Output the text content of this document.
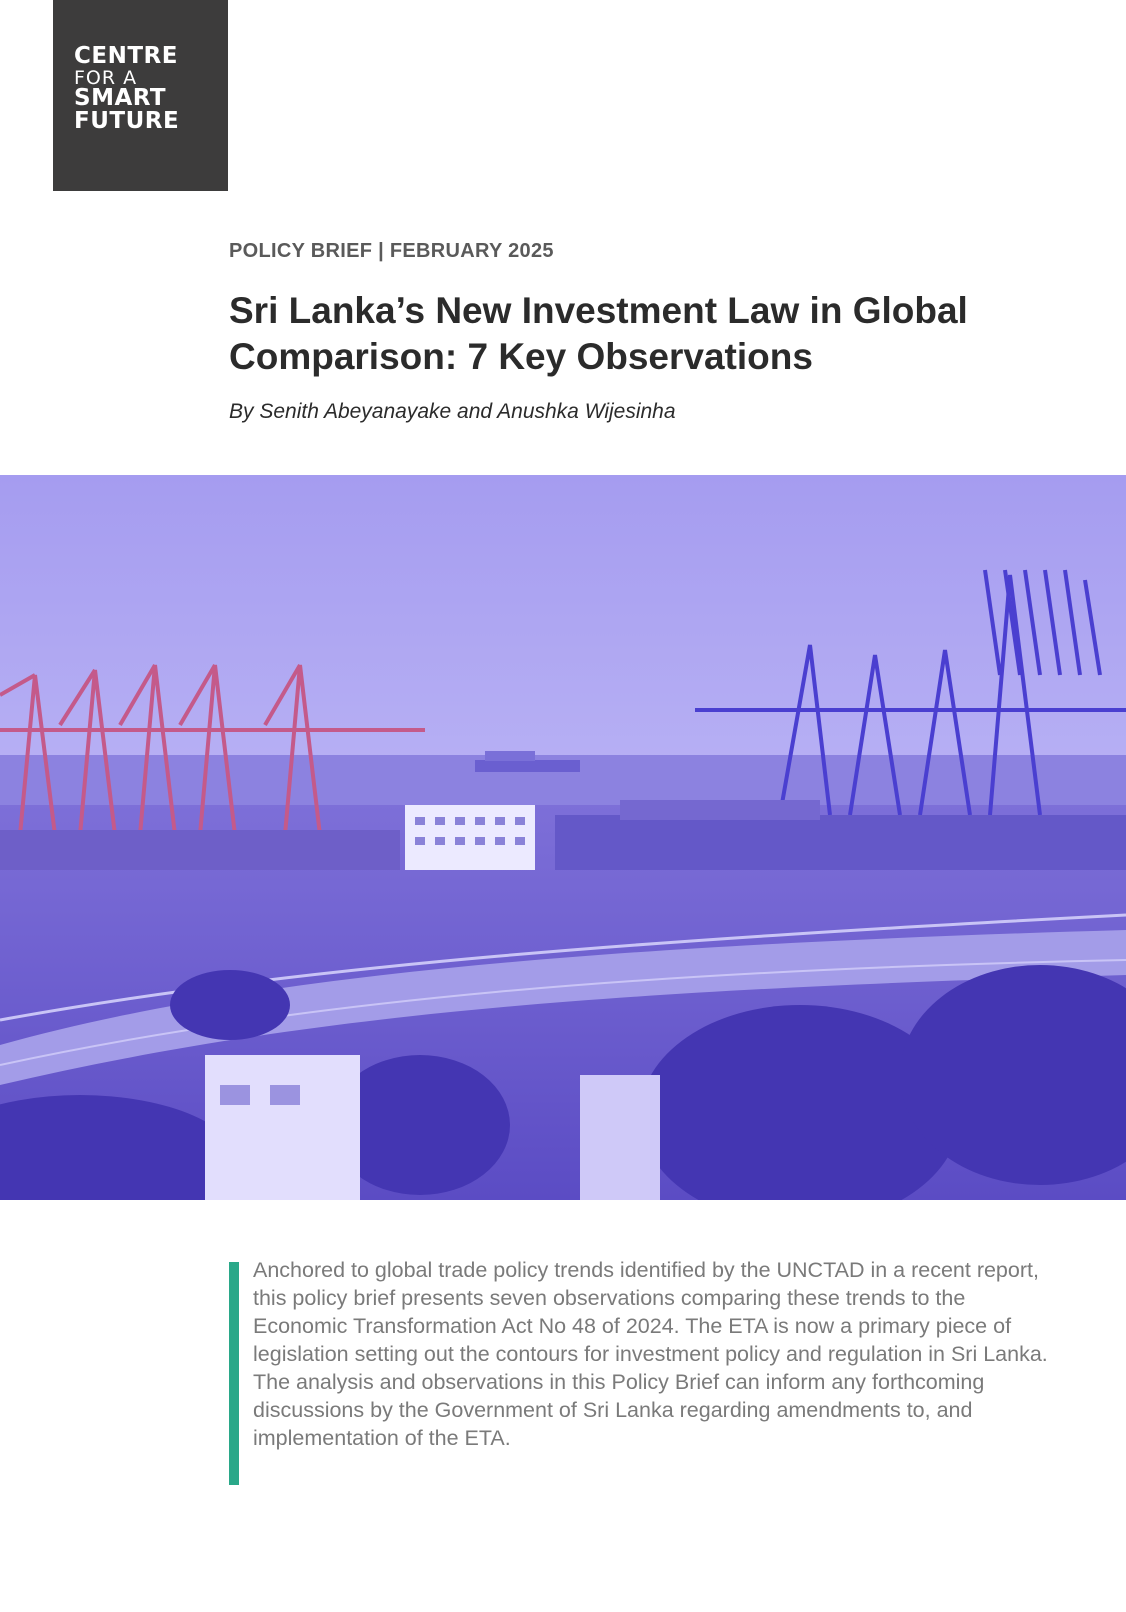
CENTRE
FOR A
SMART
FUTURE
POLICY BRIEF | FEBRUARY 2025
Sri Lanka’s New Investment Law in Global Comparison: 7 Key Observations
By Senith Abeyanayake and Anushka Wijesinha

Anchored to global trade policy trends identified by the UNCTAD in a recent report, this policy brief presents seven observations comparing these trends to the Economic Transformation Act No 48 of 2024. The ETA is now a primary piece of legislation setting out the contours for investment policy and regulation in Sri Lanka. The analysis and observations in this Policy Brief can inform any forthcoming discussions by the Government of Sri Lanka regarding amendments to, and implementation of the ETA.
